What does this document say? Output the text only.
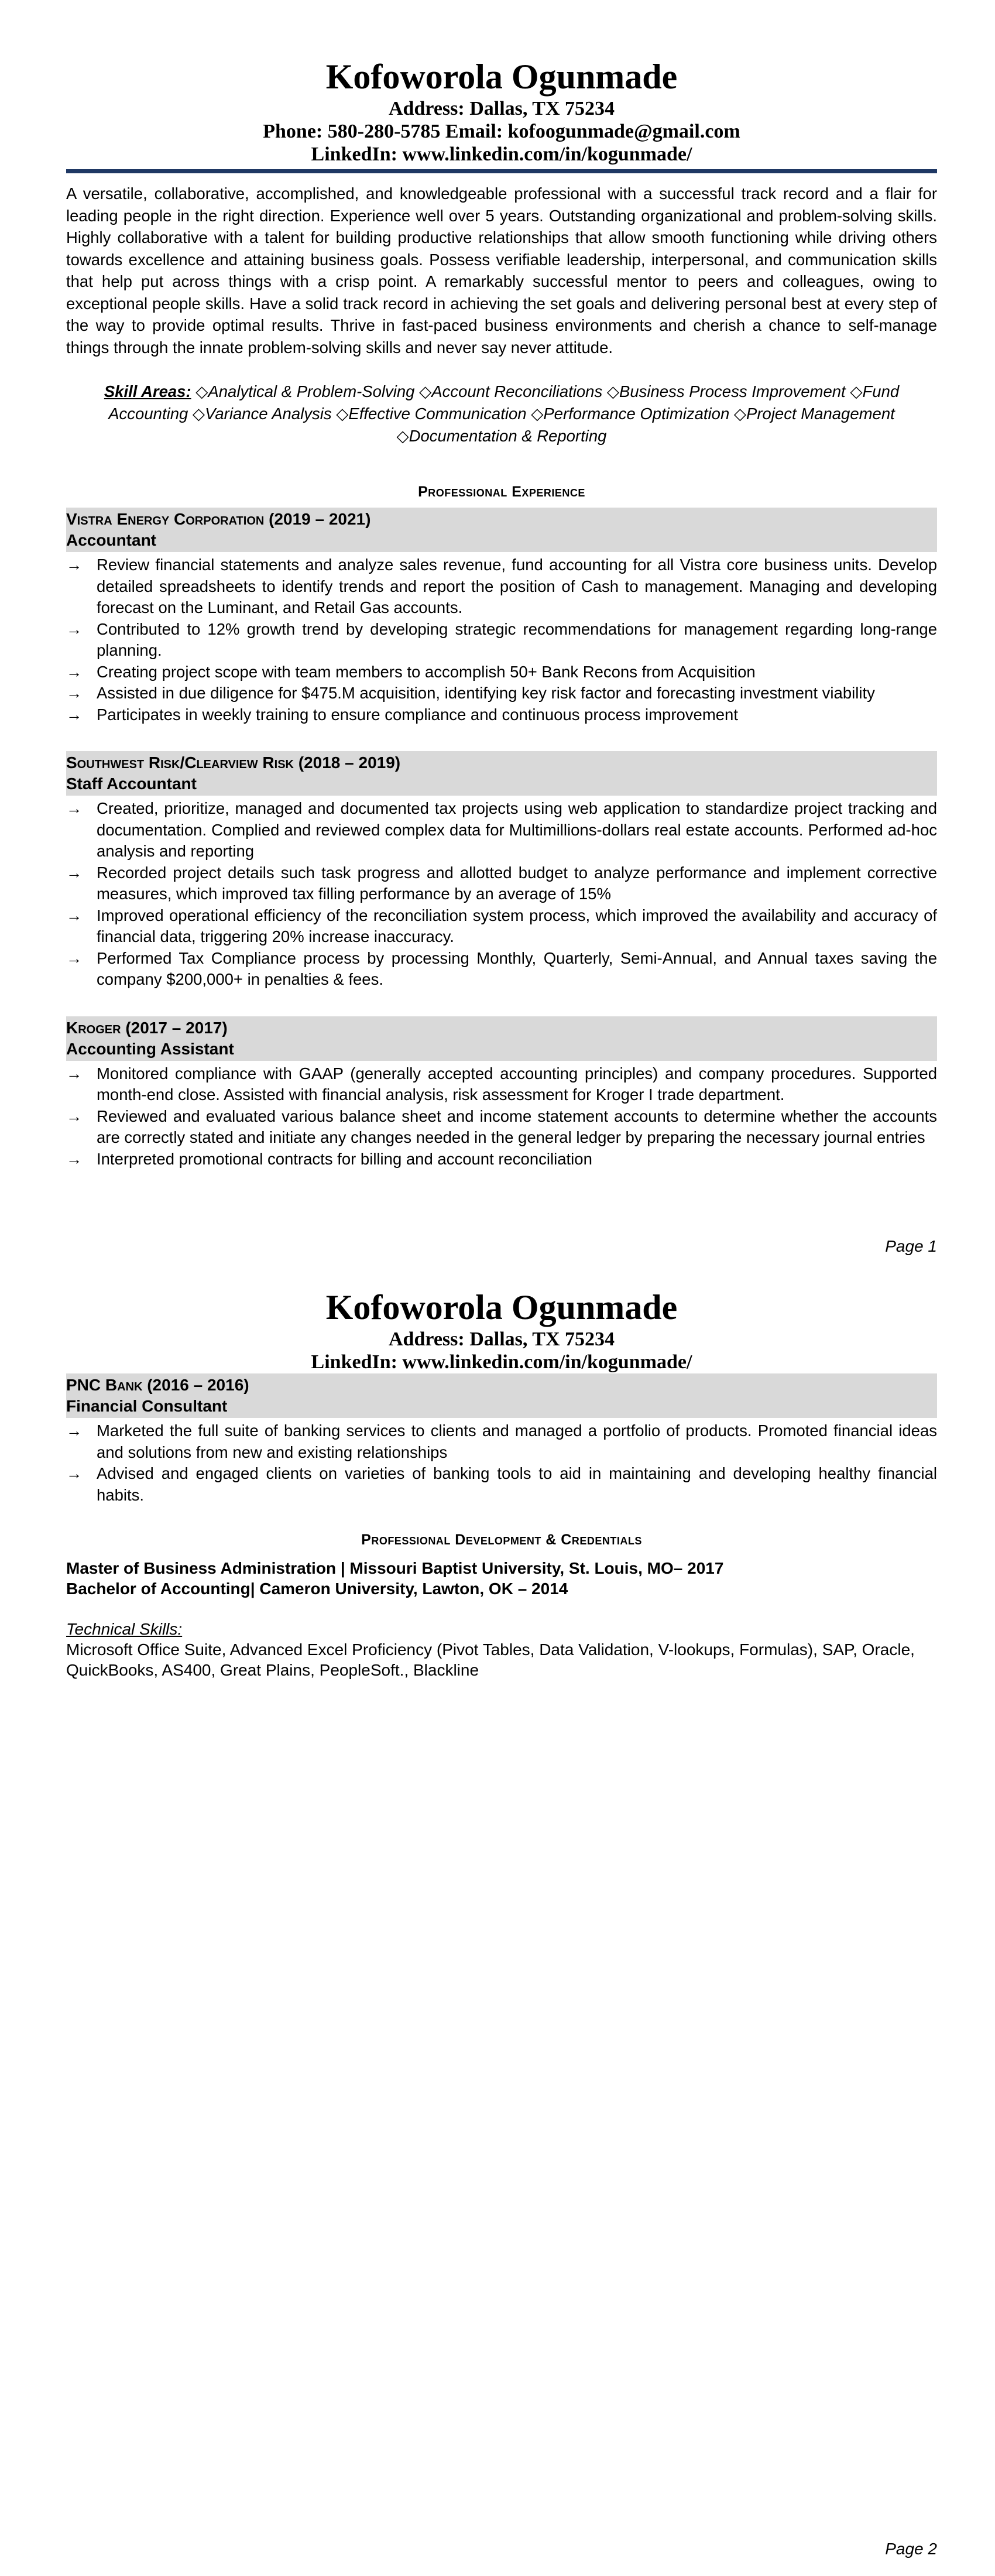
Kofoworola Ogunmade
Address: Dallas, TX 75234
Phone: 580-280-5785 Email: kofoogunmade@gmail.com
LinkedIn: www.linkedin.com/in/kogunmade/
A versatile, collaborative, accomplished, and knowledgeable professional with a successful track record and a flair for leading people in the right direction. Experience well over 5 years. Outstanding organizational and problem-solving skills. Highly collaborative with a talent for building productive relationships that allow smooth functioning while driving others towards excellence and attaining business goals. Possess verifiable leadership, interpersonal, and communication skills that help put across things with a crisp point. A remarkably successful mentor to peers and colleagues, owing to exceptional people skills. Have a solid track record in achieving the set goals and delivering personal best at every step of the way to provide optimal results. Thrive in fast-paced business environments and cherish a chance to self-manage things through the innate problem-solving skills and never say never attitude.
Skill Areas: ◇Analytical & Problem-Solving ◇Account Reconciliations ◇Business Process Improvement ◇Fund Accounting ◇Variance Analysis ◇Effective Communication ◇Performance Optimization ◇Project Management ◇Documentation & Reporting
Professional Experience
Vistra Energy Corporation (2019 – 2021)
Accountant
→ Review financial statements and analyze sales revenue, fund accounting for all Vistra core business units. Develop detailed spreadsheets to identify trends and report the position of Cash to management. Managing and developing forecast on the Luminant, and Retail Gas accounts.
→ Contributed to 12% growth trend by developing strategic recommendations for management regarding long-range planning.
→ Creating project scope with team members to accomplish 50+ Bank Recons from Acquisition
→ Assisted in due diligence for $475.M acquisition, identifying key risk factor and forecasting investment viability
→ Participates in weekly training to ensure compliance and continuous process improvement
Southwest Risk/Clearview Risk (2018 – 2019)
Staff Accountant
→ Created, prioritize, managed and documented tax projects using web application to standardize project tracking and documentation. Complied and reviewed complex data for Multimillions-dollars real estate accounts. Performed ad-hoc analysis and reporting
→ Recorded project details such task progress and allotted budget to analyze performance and implement corrective measures, which improved tax filling performance by an average of 15%
→ Improved operational efficiency of the reconciliation system process, which improved the availability and accuracy of financial data, triggering 20% increase inaccuracy.
→ Performed Tax Compliance process by processing Monthly, Quarterly, Semi-Annual, and Annual taxes saving the company $200,000+ in penalties & fees.
Kroger (2017 – 2017)
Accounting Assistant
→ Monitored compliance with GAAP (generally accepted accounting principles) and company procedures. Supported month-end close. Assisted with financial analysis, risk assessment for Kroger I trade department.
→ Reviewed and evaluated various balance sheet and income statement accounts to determine whether the accounts are correctly stated and initiate any changes needed in the general ledger by preparing the necessary journal entries
→ Interpreted promotional contracts for billing and account reconciliation
Page 1
Kofoworola Ogunmade
Address: Dallas, TX 75234
LinkedIn: www.linkedin.com/in/kogunmade/
PNC Bank (2016 – 2016)
Financial Consultant
→ Marketed the full suite of banking services to clients and managed a portfolio of products. Promoted financial ideas and solutions from new and existing relationships
→ Advised and engaged clients on varieties of banking tools to aid in maintaining and developing healthy financial habits.
Professional Development & Credentials
Master of Business Administration | Missouri Baptist University, St. Louis, MO– 2017
Bachelor of Accounting| Cameron University, Lawton, OK – 2014
Technical Skills:
Microsoft Office Suite, Advanced Excel Proficiency (Pivot Tables, Data Validation, V-lookups, Formulas), SAP, Oracle, QuickBooks, AS400, Great Plains, PeopleSoft., Blackline
Page 2
